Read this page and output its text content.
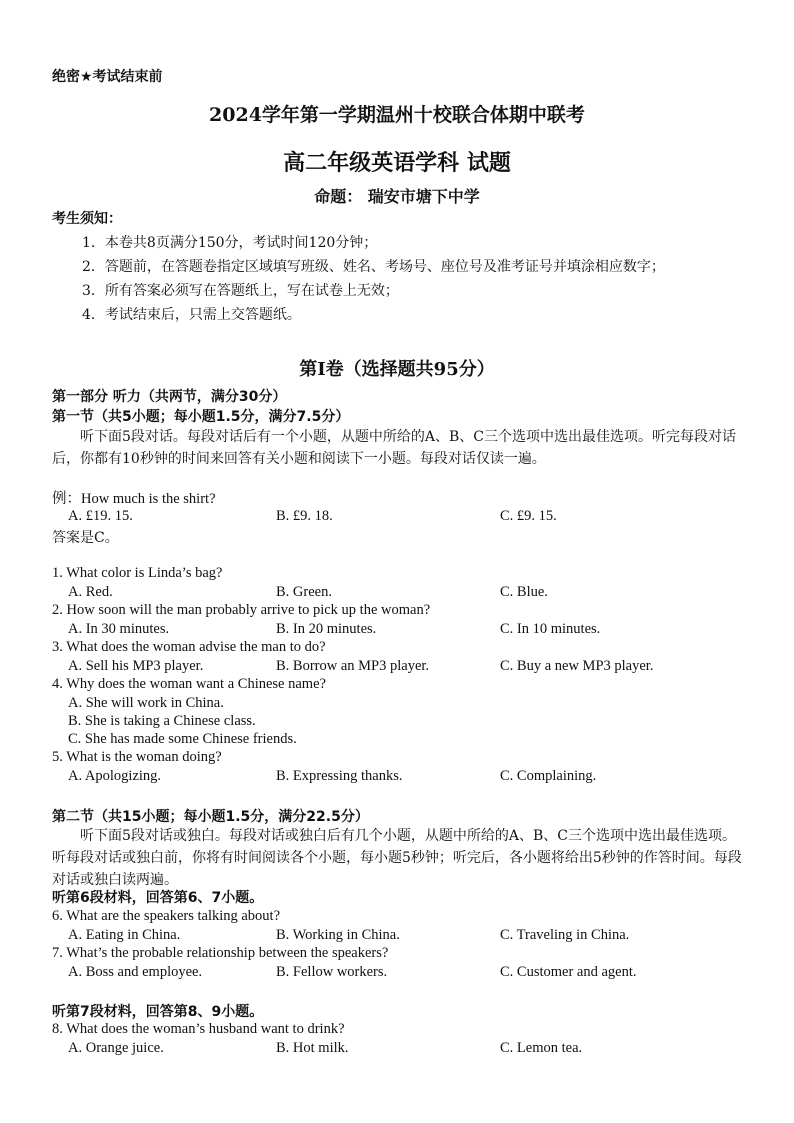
绝密★考试结束前
2024学年第一学期温州十校联合体期中联考
高二年级英语学科 试题
命题： 瑞安市塘下中学
考生须知：
1．本卷共8页满分150分，考试时间120分钟；
2．答题前，在答题卷指定区域填写班级、姓名、考场号、座位号及准考证号并填涂相应数字；
3．所有答案必须写在答题纸上，写在试卷上无效；
4．考试结束后，只需上交答题纸。
第Ⅰ卷（选择题共95分）
第一部分 听力（共两节，满分30分）
第一节（共5小题；每小题1.5分，满分7.5分）
听下面5段对话。每段对话后有一个小题，从题中所给的A、B、C三个选项中选出最佳选项。听完每段对话后，你都有10秒钟的时间来回答有关小题和阅读下一小题。每段对话仅读一遍。
例：How much is the shirt?
A. £19. 15.	B. £9. 18.	C. £9. 15.
答案是C。
1. What color is Linda’s bag?
A. Red.	B. Green.	C. Blue.
2. How soon will the man probably arrive to pick up the woman?
A. In 30 minutes.	B. In 20 minutes.	C. In 10 minutes.
3. What does the woman advise the man to do?
A. Sell his MP3 player.	B. Borrow an MP3 player.	C. Buy a new MP3 player.
4. Why does the woman want a Chinese name?
A. She will work in China.
B. She is taking a Chinese class.
C. She has made some Chinese friends.
5. What is the woman doing?
A. Apologizing.	B. Expressing thanks.	C. Complaining.
第二节（共15小题；每小题1.5分，满分22.5分）
听下面5段对话或独白。每段对话或独白后有几个小题，从题中所给的A、B、C三个选项中选出最佳选项。听每段对话或独白前，你将有时间阅读各个小题，每小题5秒钟；听完后，各小题将给出5秒钟的作答时间。每段对话或独白读两遍。
听第6段材料，回答第6、7小题。
6. What are the speakers talking about?
A. Eating in China.	B. Working in China.	C. Traveling in China.
7. What’s the probable relationship between the speakers?
A. Boss and employee.	B. Fellow workers.	C. Customer and agent.
听第7段材料，回答第8、9小题。
8. What does the woman’s husband want to drink?
A. Orange juice.	B. Hot milk.	C. Lemon tea.
